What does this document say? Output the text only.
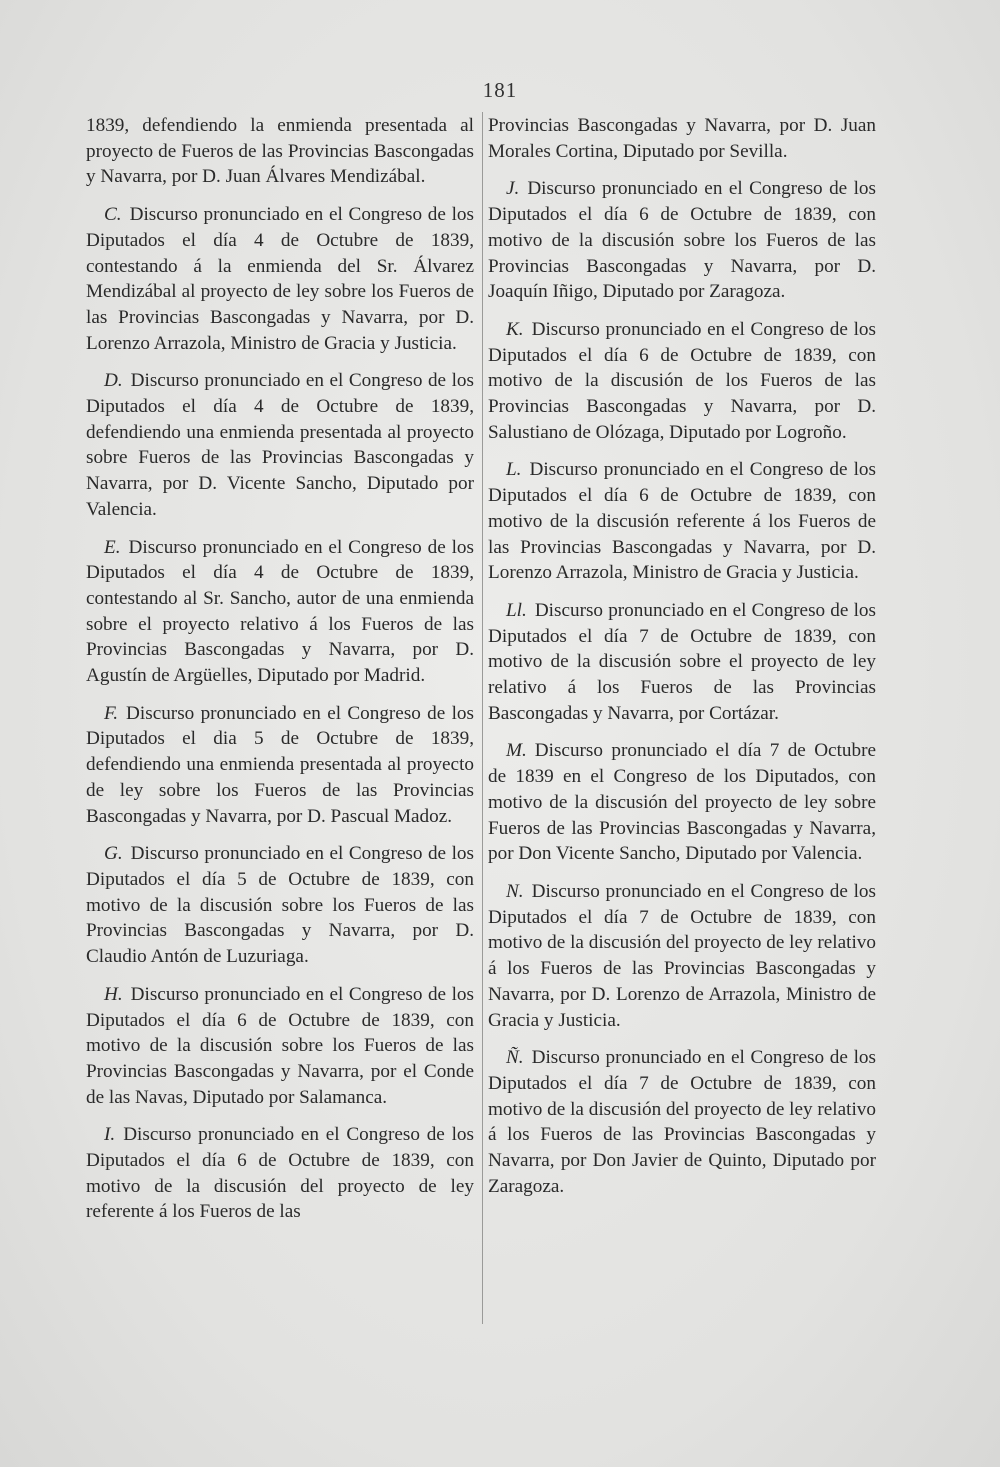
181

1839, defendiendo la enmienda presentada al proyecto de Fueros de las Provincias Bascongadas y Navarra, por D. Juan Álvares Mendizábal.

C. Discurso pronunciado en el Congreso de los Diputados el día 4 de Octubre de 1839, contestando á la enmienda del Sr. Álvarez Mendizábal al proyecto de ley sobre los Fueros de las Provincias Bascongadas y Navarra, por D. Lorenzo Arrazola, Ministro de Gracia y Justicia.

D. Discurso pronunciado en el Congreso de los Diputados el día 4 de Octubre de 1839, defendiendo una enmienda presentada al proyecto sobre Fueros de las Provincias Bascongadas y Navarra, por D. Vicente Sancho, Diputado por Valencia.

E. Discurso pronunciado en el Congreso de los Diputados el día 4 de Octubre de 1839, contestando al Sr. Sancho, autor de una enmienda sobre el proyecto relativo á los Fueros de las Provincias Bascongadas y Navarra, por D. Agustín de Argüelles, Diputado por Madrid.

F. Discurso pronunciado en el Congreso de los Diputados el dia 5 de Octubre de 1839, defendiendo una enmienda presentada al proyecto de ley sobre los Fueros de las Provincias Bascongadas y Navarra, por D. Pascual Madoz.

G. Discurso pronunciado en el Congreso de los Diputados el día 5 de Octubre de 1839, con motivo de la discusión sobre los Fueros de las Provincias Bascongadas y Navarra, por D. Claudio Antón de Luzuriaga.

H. Discurso pronunciado en el Congreso de los Diputados el día 6 de Octubre de 1839, con motivo de la discusión sobre los Fueros de las Provincias Bascongadas y Navarra, por el Conde de las Navas, Diputado por Salamanca.

I. Discurso pronunciado en el Congreso de los Diputados el día 6 de Octubre de 1839, con motivo de la discusión del proyecto de ley referente á los Fueros de las

Provincias Bascongadas y Navarra, por D. Juan Morales Cortina, Diputado por Sevilla.

J. Discurso pronunciado en el Congreso de los Diputados el día 6 de Octubre de 1839, con motivo de la discusión sobre los Fueros de las Provincias Bascongadas y Navarra, por D. Joaquín Iñigo, Diputado por Zaragoza.

K. Discurso pronunciado en el Congreso de los Diputados el día 6 de Octubre de 1839, con motivo de la discusión de los Fueros de las Provincias Bascongadas y Navarra, por D. Salustiano de Olózaga, Diputado por Logroño.

L. Discurso pronunciado en el Congreso de los Diputados el día 6 de Octubre de 1839, con motivo de la discusión referente á los Fueros de las Provincias Bascongadas y Navarra, por D. Lorenzo Arrazola, Ministro de Gracia y Justicia.

Ll. Discurso pronunciado en el Congreso de los Diputados el día 7 de Octubre de 1839, con motivo de la discusión sobre el proyecto de ley relativo á los Fueros de las Provincias Bascongadas y Navarra, por Cortázar.

M. Discurso pronunciado el día 7 de Octubre de 1839 en el Congreso de los Diputados, con motivo de la discusión del proyecto de ley sobre Fueros de las Provincias Bascongadas y Navarra, por Don Vicente Sancho, Diputado por Valencia.

N. Discurso pronunciado en el Congreso de los Diputados el día 7 de Octubre de 1839, con motivo de la discusión del proyecto de ley relativo á los Fueros de las Provincias Bascongadas y Navarra, por D. Lorenzo de Arrazola, Ministro de Gracia y Justicia.

Ñ. Discurso pronunciado en el Congreso de los Diputados el día 7 de Octubre de 1839, con motivo de la discusión del proyecto de ley relativo á los Fueros de las Provincias Bascongadas y Navarra, por Don Javier de Quinto, Diputado por Zaragoza.
